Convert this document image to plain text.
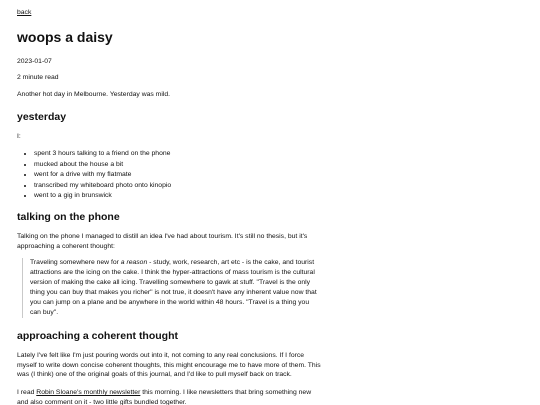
back
woops a daisy

2023-01-07

2 minute read

Another hot day in Melbourne. Yesterday was mild.

yesterday

I:

• spent 3 hours talking to a friend on the phone
• mucked about the house a bit
• went for a drive with my flatmate
• transcribed my whiteboard photo onto kinopio
• went to a gig in brunswick
talking on the phone

Talking on the phone I managed to distill an idea I've had about tourism. It's still no thesis, but it's approaching a coherent thought:

Traveling somewhere new for a reason - study, work, research, art etc - is the cake, and tourist attractions are the icing on the cake. I think the hyper-attractions of mass tourism is the cultural version of making the cake all icing. Travelling somewhere to gawk at stuff. "Travel is the only thing you can buy that makes you richer" is not true, it doesn't have any inherent value now that you can jump on a plane and be anywhere in the world within 48 hours. "Travel is a thing you can buy".

approaching a coherent thought

Lately I've felt like I'm just pouring words out into it, not coming to any real conclusions. If I force myself to write down concise coherent thoughts, this might encourage me to have more of them. This was (I think) one of the original goals of this journal, and I'd like to pull myself back on track.

I read Robin Sloane's monthly newsletter this morning. I like newsletters that bring something new and also comment on it - two little gifts bundled together.
